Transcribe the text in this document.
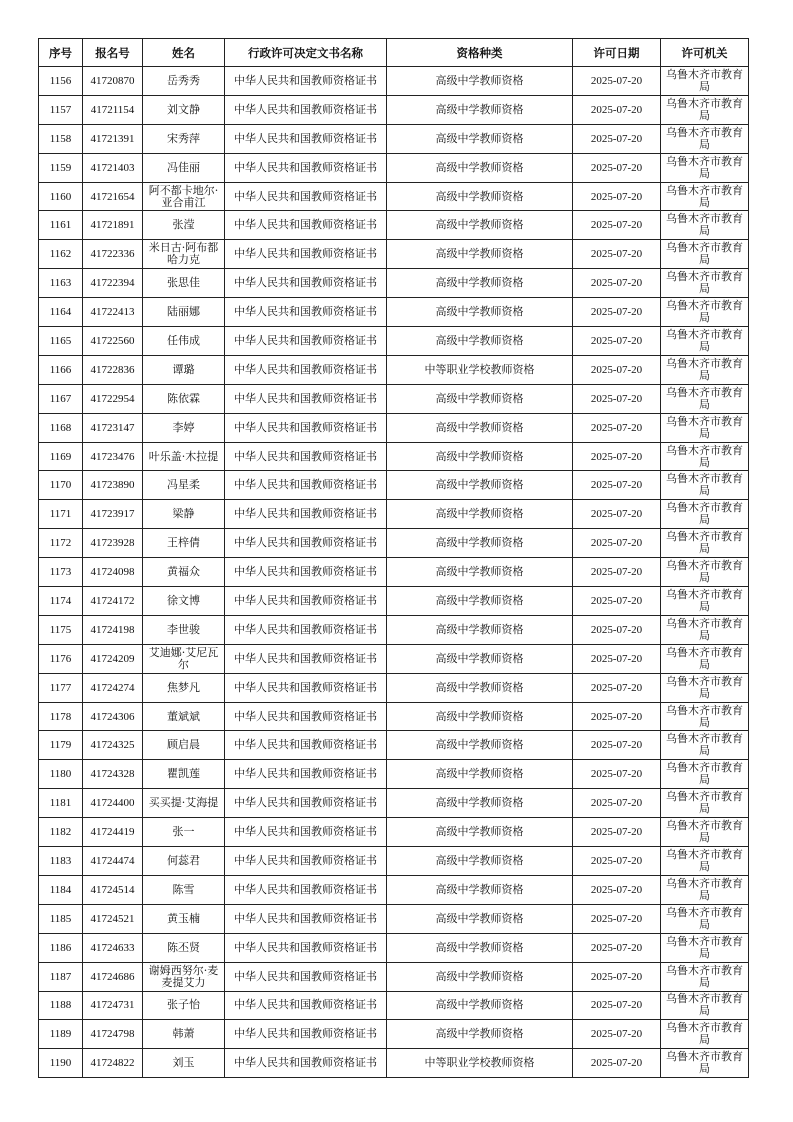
序号	报名号	姓名	行政许可决定文书名称	资格种类	许可日期	许可机关
1156	41720870	岳秀秀	中华人民共和国教师资格证书	高级中学教师资格	2025-07-20	乌鲁木齐市教育局
1157	41721154	刘文静	中华人民共和国教师资格证书	高级中学教师资格	2025-07-20	乌鲁木齐市教育局
1158	41721391	宋秀萍	中华人民共和国教师资格证书	高级中学教师资格	2025-07-20	乌鲁木齐市教育局
1159	41721403	冯佳丽	中华人民共和国教师资格证书	高级中学教师资格	2025-07-20	乌鲁木齐市教育局
1160	41721654	阿不都卡地尔·亚合甫江	中华人民共和国教师资格证书	高级中学教师资格	2025-07-20	乌鲁木齐市教育局
1161	41721891	张滢	中华人民共和国教师资格证书	高级中学教师资格	2025-07-20	乌鲁木齐市教育局
1162	41722336	米日古·阿布都哈力克	中华人民共和国教师资格证书	高级中学教师资格	2025-07-20	乌鲁木齐市教育局
1163	41722394	张思佳	中华人民共和国教师资格证书	高级中学教师资格	2025-07-20	乌鲁木齐市教育局
1164	41722413	陆丽娜	中华人民共和国教师资格证书	高级中学教师资格	2025-07-20	乌鲁木齐市教育局
1165	41722560	任伟成	中华人民共和国教师资格证书	高级中学教师资格	2025-07-20	乌鲁木齐市教育局
1166	41722836	谭璐	中华人民共和国教师资格证书	中等职业学校教师资格	2025-07-20	乌鲁木齐市教育局
1167	41722954	陈依霖	中华人民共和国教师资格证书	高级中学教师资格	2025-07-20	乌鲁木齐市教育局
1168	41723147	李婷	中华人民共和国教师资格证书	高级中学教师资格	2025-07-20	乌鲁木齐市教育局
1169	41723476	叶乐盖·木拉提	中华人民共和国教师资格证书	高级中学教师资格	2025-07-20	乌鲁木齐市教育局
1170	41723890	冯星柔	中华人民共和国教师资格证书	高级中学教师资格	2025-07-20	乌鲁木齐市教育局
1171	41723917	梁静	中华人民共和国教师资格证书	高级中学教师资格	2025-07-20	乌鲁木齐市教育局
1172	41723928	王梓倩	中华人民共和国教师资格证书	高级中学教师资格	2025-07-20	乌鲁木齐市教育局
1173	41724098	黄福众	中华人民共和国教师资格证书	高级中学教师资格	2025-07-20	乌鲁木齐市教育局
1174	41724172	徐文博	中华人民共和国教师资格证书	高级中学教师资格	2025-07-20	乌鲁木齐市教育局
1175	41724198	李世骏	中华人民共和国教师资格证书	高级中学教师资格	2025-07-20	乌鲁木齐市教育局
1176	41724209	艾迪娜·艾尼瓦尔	中华人民共和国教师资格证书	高级中学教师资格	2025-07-20	乌鲁木齐市教育局
1177	41724274	焦梦凡	中华人民共和国教师资格证书	高级中学教师资格	2025-07-20	乌鲁木齐市教育局
1178	41724306	董斌斌	中华人民共和国教师资格证书	高级中学教师资格	2025-07-20	乌鲁木齐市教育局
1179	41724325	顾启晨	中华人民共和国教师资格证书	高级中学教师资格	2025-07-20	乌鲁木齐市教育局
1180	41724328	瞿凯莲	中华人民共和国教师资格证书	高级中学教师资格	2025-07-20	乌鲁木齐市教育局
1181	41724400	买买提·艾海提	中华人民共和国教师资格证书	高级中学教师资格	2025-07-20	乌鲁木齐市教育局
1182	41724419	张一	中华人民共和国教师资格证书	高级中学教师资格	2025-07-20	乌鲁木齐市教育局
1183	41724474	何蕊君	中华人民共和国教师资格证书	高级中学教师资格	2025-07-20	乌鲁木齐市教育局
1184	41724514	陈雪	中华人民共和国教师资格证书	高级中学教师资格	2025-07-20	乌鲁木齐市教育局
1185	41724521	黄玉楠	中华人民共和国教师资格证书	高级中学教师资格	2025-07-20	乌鲁木齐市教育局
1186	41724633	陈丕贤	中华人民共和国教师资格证书	高级中学教师资格	2025-07-20	乌鲁木齐市教育局
1187	41724686	谢姆西努尔·麦麦提艾力	中华人民共和国教师资格证书	高级中学教师资格	2025-07-20	乌鲁木齐市教育局
1188	41724731	张子怡	中华人民共和国教师资格证书	高级中学教师资格	2025-07-20	乌鲁木齐市教育局
1189	41724798	韩萧	中华人民共和国教师资格证书	高级中学教师资格	2025-07-20	乌鲁木齐市教育局
1190	41724822	刘玉	中华人民共和国教师资格证书	中等职业学校教师资格	2025-07-20	乌鲁木齐市教育局
